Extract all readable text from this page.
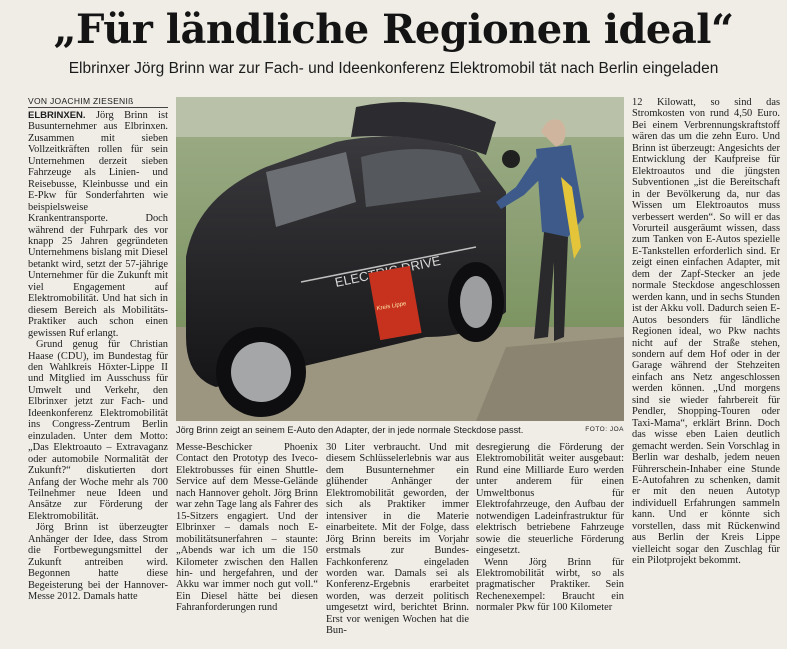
„Für ländliche Regionen ideal“
Elbrinxer Jörg Brinn war zur Fach- und Ideenkonferenz Elektromobil tät nach Berlin eingeladen
VON JOACHIM ZIESENIß

ELBRINXEN. Jörg Brinn ist Busunternehmer aus Elbrinxen. Zusammen mit sieben Vollzeitkräften rollen für sein Unternehmen derzeit sieben Fahrzeuge als Linien- und Reisebusse, Kleinbusse und ein E-Pkw für Sonderfahrten wie beispielsweise Krankentransporte. Doch während der Fuhrpark des vor knapp 25 Jahren gegründeten Unternehmens bislang mit Diesel betankt wird, setzt der 57-jährige Unternehmer für die Zukunft mit viel Engagement auf Elektromobilität. Und hat sich in diesem Bereich als Mobilitäts-Praktiker auch schon einen gewissen Ruf erlangt.

Grund genug für Christian Haase (CDU), im Bundestag für den Wahlkreis Höxter-Lippe II und Mitglied im Ausschuss für Umwelt und Verkehr, den Elbrinxer jetzt zur Fach- und Ideenkonferenz Elektromobilität ins Congress-Zentrum Berlin einzuladen. Unter dem Motto: „Das Elektroauto – Extravaganz oder automobile Normalität der Zukunft?“ diskutierten dort Anfang der Woche mehr als 700 Teilnehmer neue Ideen und Ansätze zur Förderung der Elektromobilität.

Jörg Brinn ist überzeugter Anhänger der Idee, dass Strom die Fortbewegungsmittel der Zukunft antreiben wird. Begonnen hatte diese Begeisterung bei der Hannover-Messe 2012. Damals hatte

ELECTRIC DRIVE
Kreis Lippe
Jörg Brinn zeigt an seinem E-Auto den Adapter, der in jede normale Steckdose passt.	FOTO: JOA

Messe-Beschicker Phoenix Contact den Prototyp des Iveco-Elektrobusses für einen Shuttle-Service auf dem Messe-Gelände nach Hannover geholt. Jörg Brinn war zehn Tage lang als Fahrer des 15-Sitzers engagiert. Und der Elbrinxer – damals noch E-mobilitätsunerfahren – staunte: „Abends war ich um die 150 Kilometer zwischen den Hallen hin- und hergefahren, und der Akku war immer noch gut voll.“ Ein Diesel hätte bei diesen Fahranforderungen rund

30 Liter verbraucht. Und mit diesem Schlüsselerlebnis war aus dem Busunternehmer ein glühender Anhänger der Elektromobilität geworden, der sich als Praktiker immer intensiver in die Materie einarbeitete. Mit der Folge, dass Jörg Brinn bereits im Vorjahr erstmals zur Bundes-Fachkonferenz eingeladen worden war. Damals sei als Konferenz-Ergebnis erarbeitet worden, was derzeit politisch umgesetzt wird, berichtet Brinn. Erst vor wenigen Wochen hat die Bun-

desregierung die Förderung der Elektromobilität weiter ausgebaut: Rund eine Milliarde Euro werden unter anderem für einen Umweltbonus für Elektrofahrzeuge, den Aufbau der notwendigen Ladeinfrastruktur für elektrisch betriebene Fahrzeuge sowie die steuerliche Förderung eingesetzt.

Wenn Jörg Brinn für Elektromobilität wirbt, so als pragmatischer Praktiker. Sein Rechenexempel: Braucht ein normaler Pkw für 100 Kilometer

12 Kilowatt, so sind das Stromkosten von rund 4,50 Euro. Bei einem Verbrennungskraftstoff wären das um die zehn Euro. Und Brinn ist überzeugt: Angesichts der Entwicklung der Kaufpreise für Elektroautos und die jüngsten Subventionen „ist die Bereitschaft in der Bevölkerung da, nur das Wissen um Elektroautos muss verbessert werden“. So will er das Vorurteil ausgeräumt wissen, dass zum Tanken von E-Autos spezielle E-Tankstellen erforderlich sind. Er zeigt einen einfachen Adapter, mit dem der Zapf-Stecker an jede normale Steckdose angeschlossen werden kann, und in sechs Stunden ist der Akku voll. Dadurch seien E-Autos besonders für ländliche Regionen ideal, wo Pkw nachts nicht auf der Straße stehen, sondern auf dem Hof oder in der Garage während der Stehzeiten einfach ans Netz angeschlossen werden können. „Und morgens sind sie wieder fahrbereit für Pendler, Shopping-Touren oder Taxi-Mama“, erklärt Brinn. Doch das wisse eben Laien deutlich gemacht werden. Sein Vorschlag in Berlin war deshalb, jedem neuen Führerschein-Inhaber eine Stunde E-Autofahren zu schenken, damit er mit den neuen Autotyp individuell Erfahrungen sammeln kann. Und er könnte sich vorstellen, dass mit Rückenwind aus Berlin der Kreis Lippe vielleicht sogar den Zuschlag für ein Pilotprojekt bekommt.
